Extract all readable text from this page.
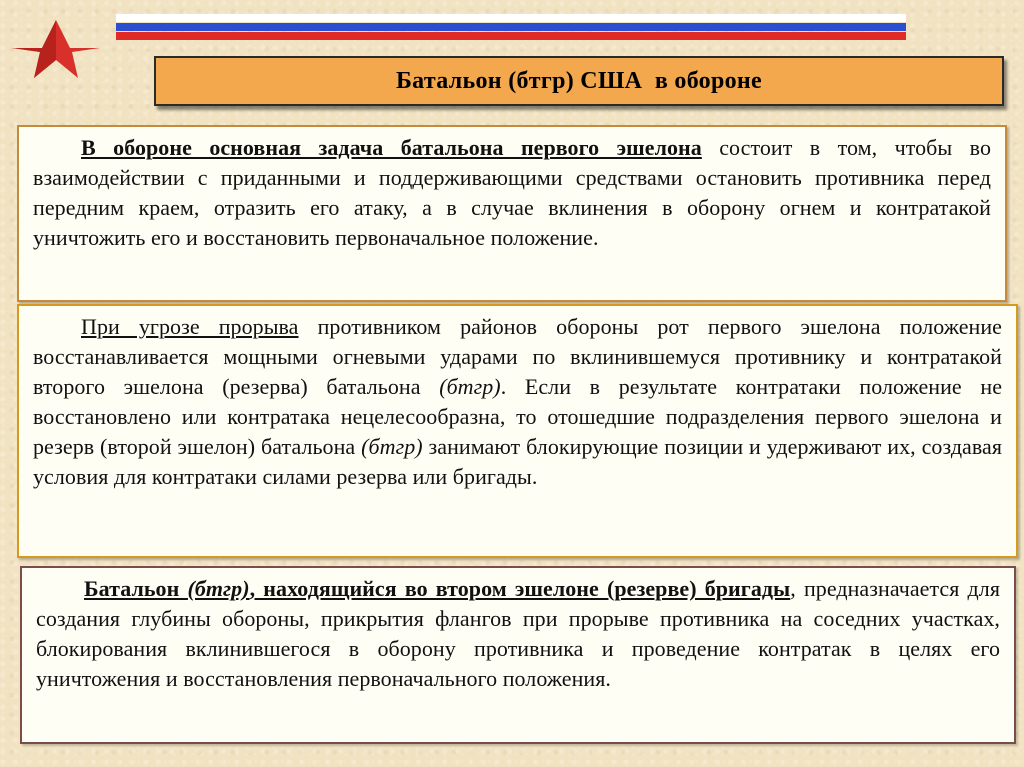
Батальон (бтгр) США  в обороне

В обороне основная задача батальона первого эшелона состоит в том, чтобы во взаимодействии с приданными и поддерживающими средствами остановить противника перед передним краем, отразить его атаку, а в случае вклинения в оборону огнем и контратакой уничтожить его и восстановить первоначальное положение.

При угрозе прорыва противником районов обороны рот первого эшелона положение восстанавливается мощными огневыми ударами по вклинившемуся противнику и контратакой второго эшелона (резерва) батальона (бтгр). Если в результате контратаки положение не восстановлено или контратака нецелесообразна, то отошедшие подразделения первого эшелона и резерв (второй эшелон) батальона (бтгр) занимают блокирующие позиции и удерживают их, создавая условия для контратаки силами резерва или бригады.

Батальон (бтгр), находящийся во втором эшелоне (резерве) бригады, предназначается для создания глубины обороны, прикрытия флангов при прорыве противника на соседних участках, блокирования вклинившегося в оборону противника и проведение контратак в целях его уничтожения и восстановления первоначального положения.
